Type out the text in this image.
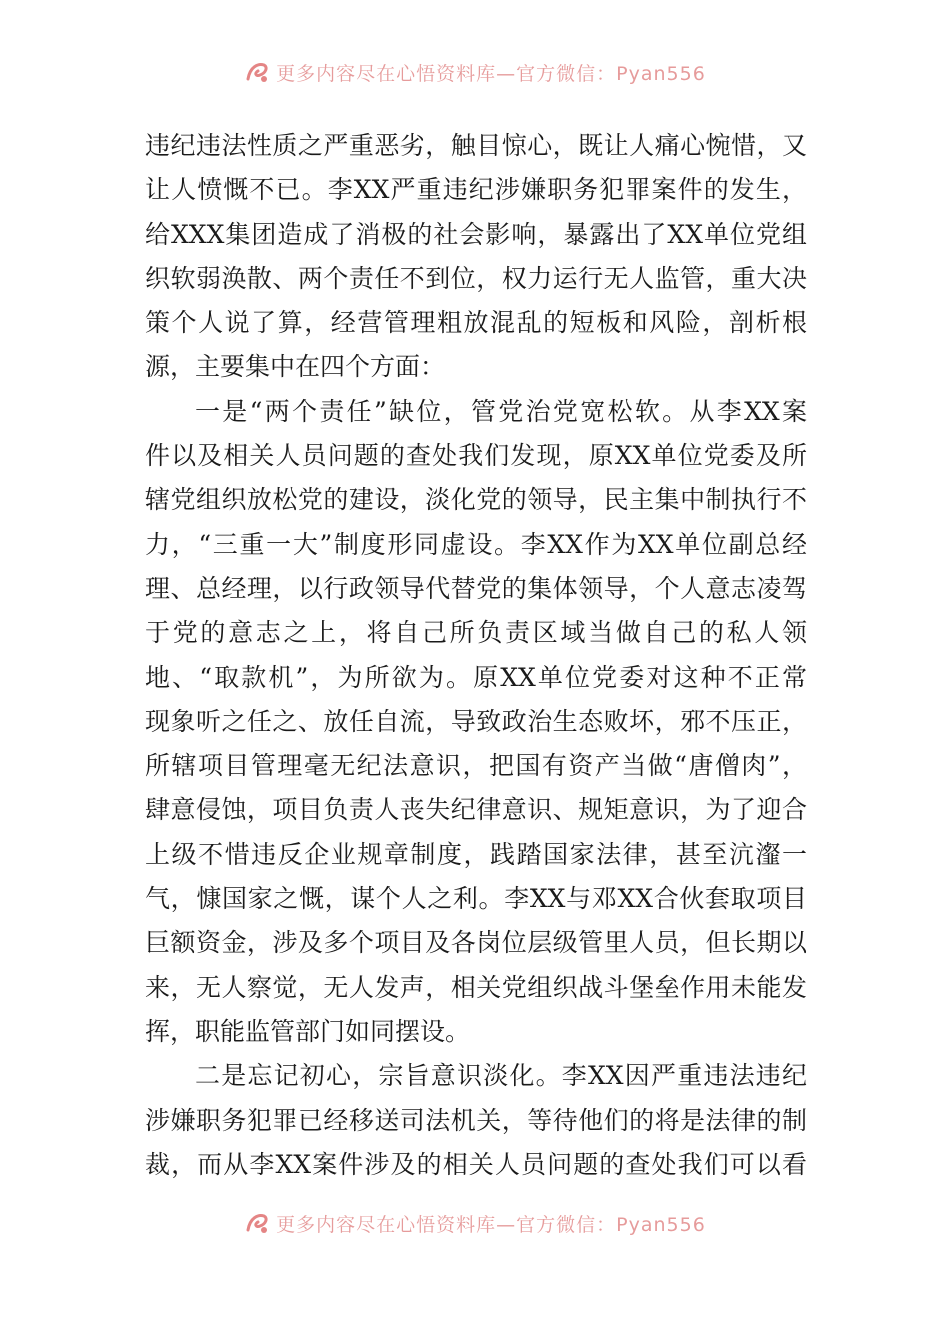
更多内容尽在心悟资料库—官方微信：Pyan556
违纪违法性质之严重恶劣，触目惊心，既让人痛心惋惜，又
让人愤慨不已。李XX严重违纪涉嫌职务犯罪案件的发生，
给XXX集团造成了消极的社会影响，暴露出了XX单位党组
织软弱涣散、两个责任不到位，权力运行无人监管，重大决
策个人说了算，经营管理粗放混乱的短板和风险，剖析根
源，主要集中在四个方面：
一是“两个责任”缺位，管党治党宽松软。从李XX案
件以及相关人员问题的查处我们发现，原XX单位党委及所
辖党组织放松党的建设，淡化党的领导，民主集中制执行不
力，“三重一大”制度形同虚设。李XX作为XX单位副总经
理、总经理，以行政领导代替党的集体领导，个人意志凌驾
于党的意志之上，将自己所负责区域当做自己的私人领
地、“取款机”，为所欲为。原XX单位党委对这种不正常
现象听之任之、放任自流，导致政治生态败坏，邪不压正，
所辖项目管理毫无纪法意识，把国有资产当做“唐僧肉”，
肆意侵蚀，项目负责人丧失纪律意识、规矩意识，为了迎合
上级不惜违反企业规章制度，践踏国家法律，甚至沆瀣一
气，慷国家之慨，谋个人之利。李XX与邓XX合伙套取项目
巨额资金，涉及多个项目及各岗位层级管里人员，但长期以
来，无人察觉，无人发声，相关党组织战斗堡垒作用未能发
挥，职能监管部门如同摆设。
二是忘记初心，宗旨意识淡化。李XX因严重违法违纪
涉嫌职务犯罪已经移送司法机关，等待他们的将是法律的制
裁，而从李XX案件涉及的相关人员问题的查处我们可以看
更多内容尽在心悟资料库—官方微信：Pyan556
